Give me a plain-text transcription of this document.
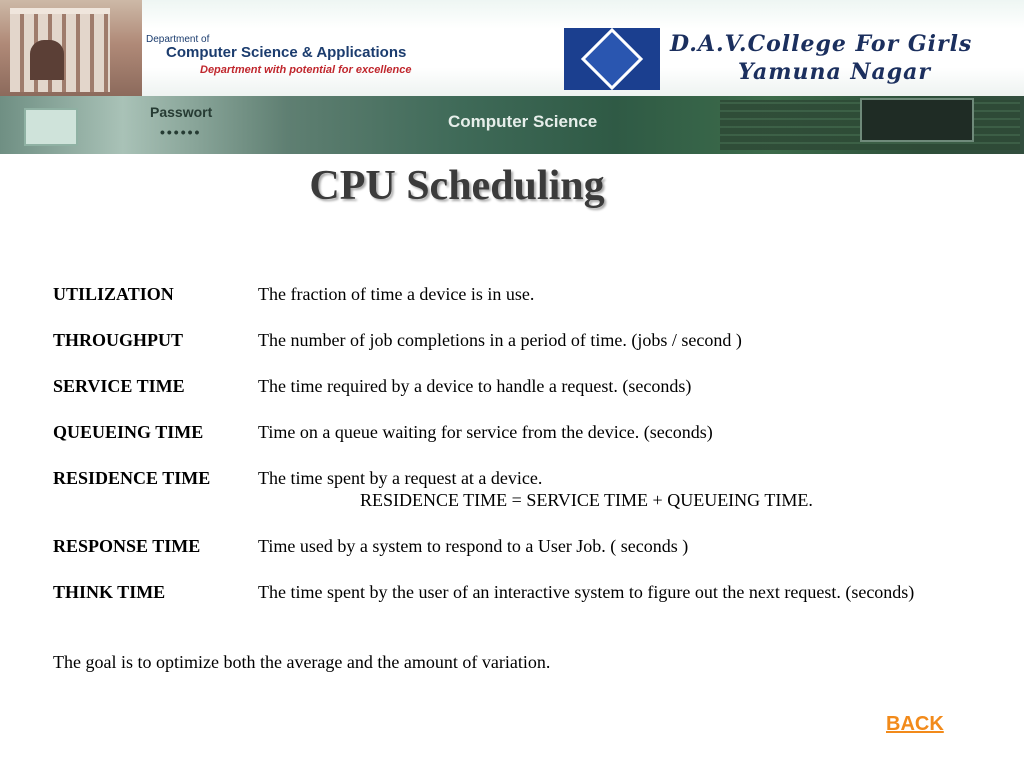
Department of
Computer Science & Applications
Department with potential for excellence
D.A.V.College For Girls
Yamuna Nagar
Passwort
••••••
Computer Science
CPU Scheduling
UTILIZATION	The fraction of time a device is in use.
THROUGHPUT	The number of job completions in a period of time. (jobs / second )
SERVICE TIME	The time required by a device to handle a request. (seconds)
QUEUEING TIME	Time on a queue waiting for service from the device. (seconds)
RESIDENCE TIME	The time spent by a request at a device.
RESIDENCE TIME = SERVICE TIME + QUEUEING TIME.
RESPONSE TIME	Time used by a system to respond to a User Job. ( seconds )
THINK TIME	The time spent by the user of an interactive system to figure out the next request. (seconds)
The goal is to optimize both the average and the amount of variation.
BACK
